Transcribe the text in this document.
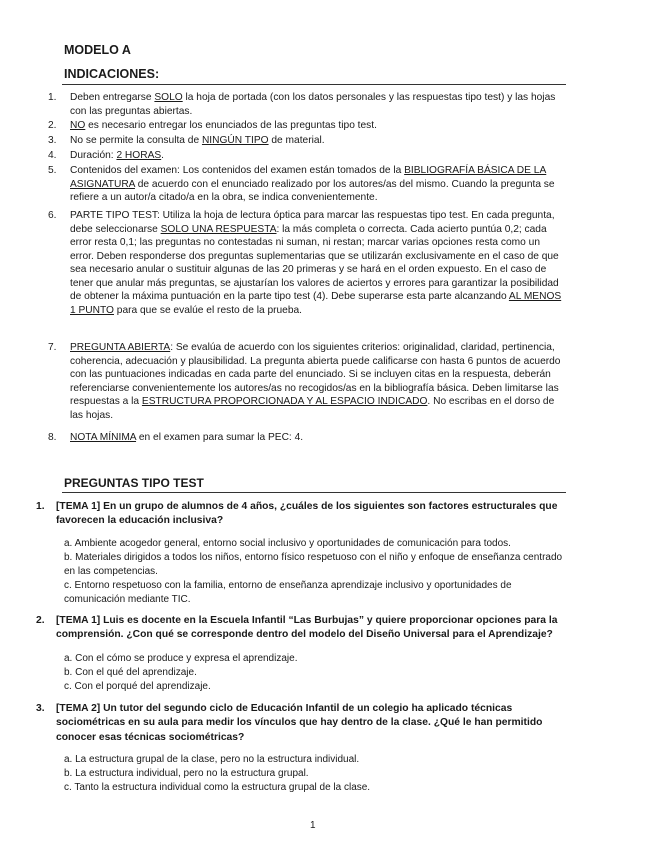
MODELO A
INDICACIONES:
1.	Deben entregarse SOLO la hoja de portada (con los datos personales y las respuestas tipo test) y las hojas con las preguntas abiertas.
2.	NO es necesario entregar los enunciados de las preguntas tipo test.
3.	No se permite la consulta de NINGÚN TIPO de material.
4.	Duración: 2 HORAS.
5.	Contenidos del examen: Los contenidos del examen están tomados de la BIBLIOGRAFÍA BÁSICA DE LA ASIGNATURA de acuerdo con el enunciado realizado por los autores/as del mismo. Cuando la pregunta se refiere a un autor/a citado/a en la obra, se indica convenientemente.
6.	PARTE TIPO TEST: Utiliza la hoja de lectura óptica para marcar las respuestas tipo test. En cada pregunta, debe seleccionarse SOLO UNA RESPUESTA: la más completa o correcta. Cada acierto puntúa 0,2; cada error resta 0,1; las preguntas no contestadas ni suman, ni restan; marcar varias opciones resta como un error. Deben responderse dos preguntas suplementarias que se utilizarán exclusivamente en el caso de que sea necesario anular o sustituir algunas de las 20 primeras y se hará en el orden expuesto. En el caso de tener que anular más preguntas, se ajustarían los valores de aciertos y errores para garantizar la posibilidad de obtener la máxima puntuación en la parte tipo test (4). Debe superarse esta parte alcanzando AL MENOS 1 PUNTO para que se evalúe el resto de la prueba.
7.	PREGUNTA ABIERTA: Se evalúa de acuerdo con los siguientes criterios: originalidad, claridad, pertinencia, coherencia, adecuación y plausibilidad. La pregunta abierta puede calificarse con hasta 6 puntos de acuerdo con las puntuaciones indicadas en cada parte del enunciado. Si se incluyen citas en la respuesta, deberán referenciarse convenientemente los autores/as no recogidos/as en la bibliografía básica. Deben limitarse las respuestas a la ESTRUCTURA PROPORCIONADA Y AL ESPACIO INDICADO. No escribas en el dorso de las hojas.
8.	NOTA MÍNIMA en el examen para sumar la PEC: 4.
PREGUNTAS TIPO TEST
1. [TEMA 1] En un grupo de alumnos de 4 años, ¿cuáles de los siguientes son factores estructurales que favorecen la educación inclusiva?
a. Ambiente acogedor general, entorno social inclusivo y oportunidades de comunicación para todos.
b. Materiales dirigidos a todos los niños, entorno físico respetuoso con el niño y enfoque de enseñanza centrado en las competencias.
c. Entorno respetuoso con la familia, entorno de enseñanza aprendizaje inclusivo y oportunidades de comunicación mediante TIC.
2. [TEMA 1] Luis es docente en la Escuela Infantil “Las Burbujas” y quiere proporcionar opciones para la comprensión. ¿Con qué se corresponde dentro del modelo del Diseño Universal para el Aprendizaje?
a. Con el cómo se produce y expresa el aprendizaje.
b. Con el qué del aprendizaje.
c. Con el porqué del aprendizaje.
3. [TEMA 2] Un tutor del segundo ciclo de Educación Infantil de un colegio ha aplicado técnicas sociométricas en su aula para medir los vínculos que hay dentro de la clase. ¿Qué le han permitido conocer esas técnicas sociométricas?
a. La estructura grupal de la clase, pero no la estructura individual.
b. La estructura individual, pero no la estructura grupal.
c. Tanto la estructura individual como la estructura grupal de la clase.
1
